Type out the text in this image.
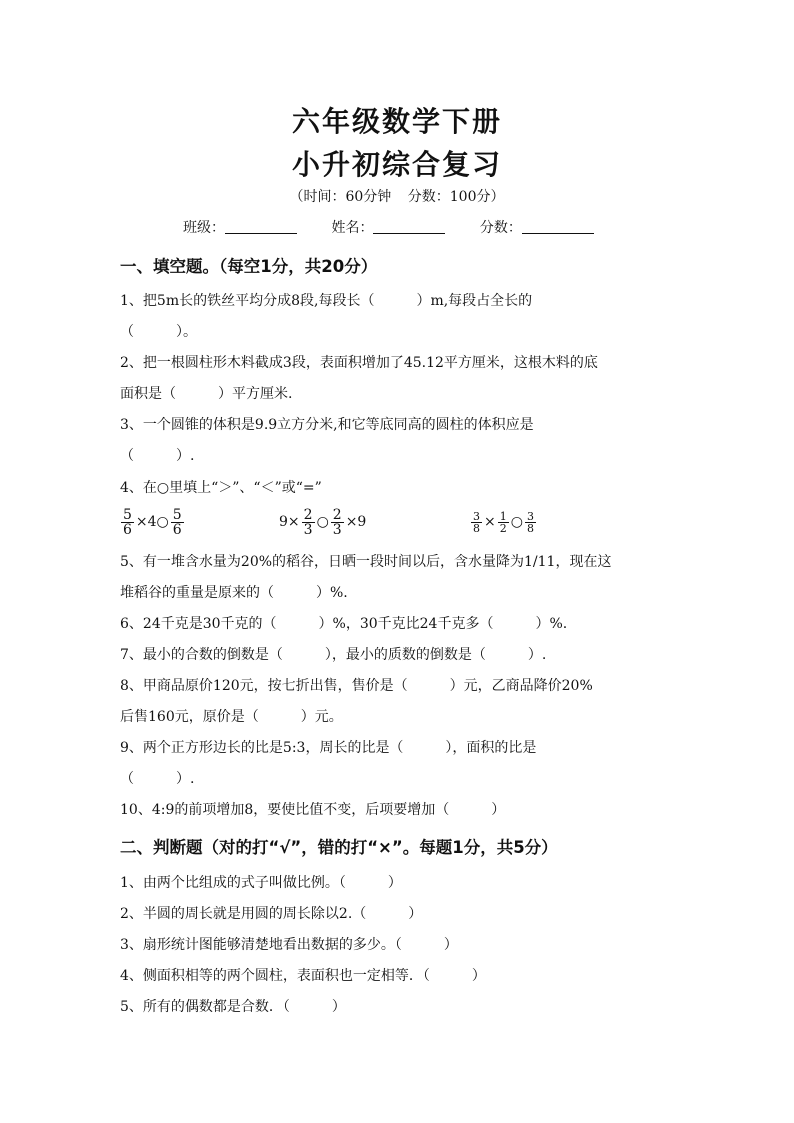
六年级数学下册
小升初综合复习
（时间：60分钟 分数：100分）
班级：	姓名：	分数：
一、填空题。（每空1分，共20分）
1、把5m长的铁丝平均分成8段,每段长（　　　）m,每段占全长的
（　　　）。
2、把一根圆柱形木料截成3段，表面积增加了45.12平方厘米，这根木料的底
面积是（　　　）平方厘米.
3、一个圆锥的体积是9.9立方分米,和它等底同高的圆柱的体积应是
（　　　）.
4、在○里填上“＞”、“＜”或“=”
$\frac{5}{6}$ ×4○ $\frac{5}{6}$	$9\times \frac{2}{3}$ ○ $\frac{2}{3} \times 9$	$\frac{3}{8} \times \frac{1}{2}$ ○ $\frac{3}{8}$
5、有一堆含水量为20%的稻谷，日晒一段时间以后，含水量降为1/11，现在这
堆稻谷的重量是原来的（　　　）%.
6、24千克是30千克的（　　　）%，30千克比24千克多（　　　）%.
7、最小的合数的倒数是（　　　），最小的质数的倒数是（　　　）.
8、甲商品原价120元，按七折出售，售价是（　　　）元，乙商品降价20%
后售160元，原价是（　　　）元。
9、两个正方形边长的比是5:3，周长的比是（　　　），面积的比是
（　　　）.
10、4:9的前项增加8，要使比值不变，后项要增加（　　　）
二、判断题（对的打“√”，错的打“×”。每题1分，共5分）
1、由两个比组成的式子叫做比例。（　　　）
2、半圆的周长就是用圆的周长除以2.（　　　）
3、扇形统计图能够清楚地看出数据的多少。（　　　）
4、侧面积相等的两个圆柱，表面积也一定相等．（　　　）
5、所有的偶数都是合数．（　　　）
